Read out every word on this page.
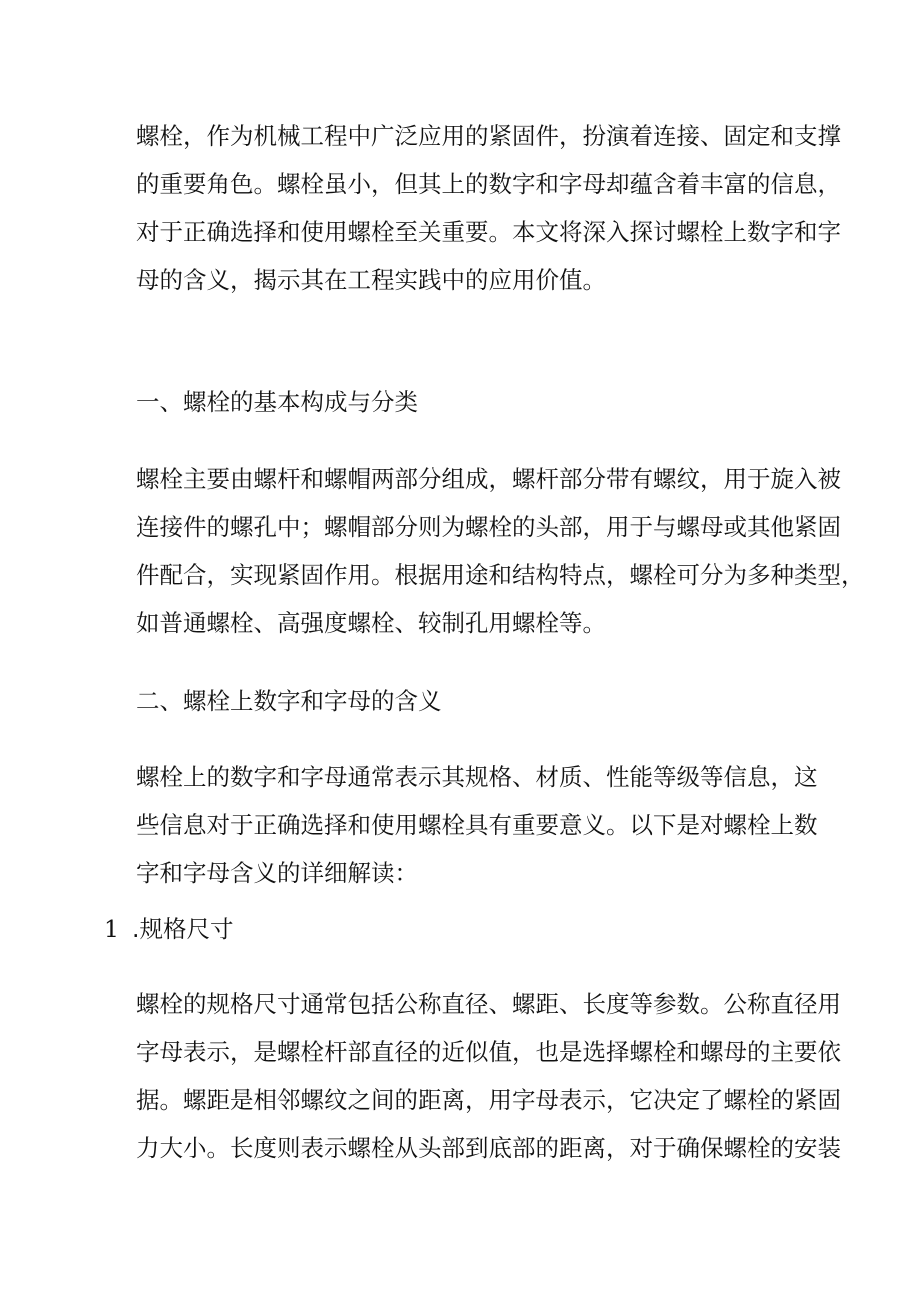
螺栓，作为机械工程中广泛应用的紧固件，扮演着连接、固定和支撑
的重要角色。螺栓虽小，但其上的数字和字母却蕴含着丰富的信息，
对于正确选择和使用螺栓至关重要。本文将深入探讨螺栓上数字和字
母的含义，揭示其在工程实践中的应用价值。

一、螺栓的基本构成与分类

螺栓主要由螺杆和螺帽两部分组成，螺杆部分带有螺纹，用于旋入被
连接件的螺孔中；螺帽部分则为螺栓的头部，用于与螺母或其他紧固
件配合，实现紧固作用。根据用途和结构特点，螺栓可分为多种类型，
如普通螺栓、高强度螺栓、较制孔用螺栓等。

二、螺栓上数字和字母的含义

螺栓上的数字和字母通常表示其规格、材质、性能等级等信息，这
些信息对于正确选择和使用螺栓具有重要意义。以下是对螺栓上数
字和字母含义的详细解读：

1 .规格尺寸

螺栓的规格尺寸通常包括公称直径、螺距、长度等参数。公称直径用
字母表示，是螺栓杆部直径的近似值，也是选择螺栓和螺母的主要依
据。螺距是相邻螺纹之间的距离，用字母表示，它决定了螺栓的紧固
力大小。长度则表示螺栓从头部到底部的距离，对于确保螺栓的安装
